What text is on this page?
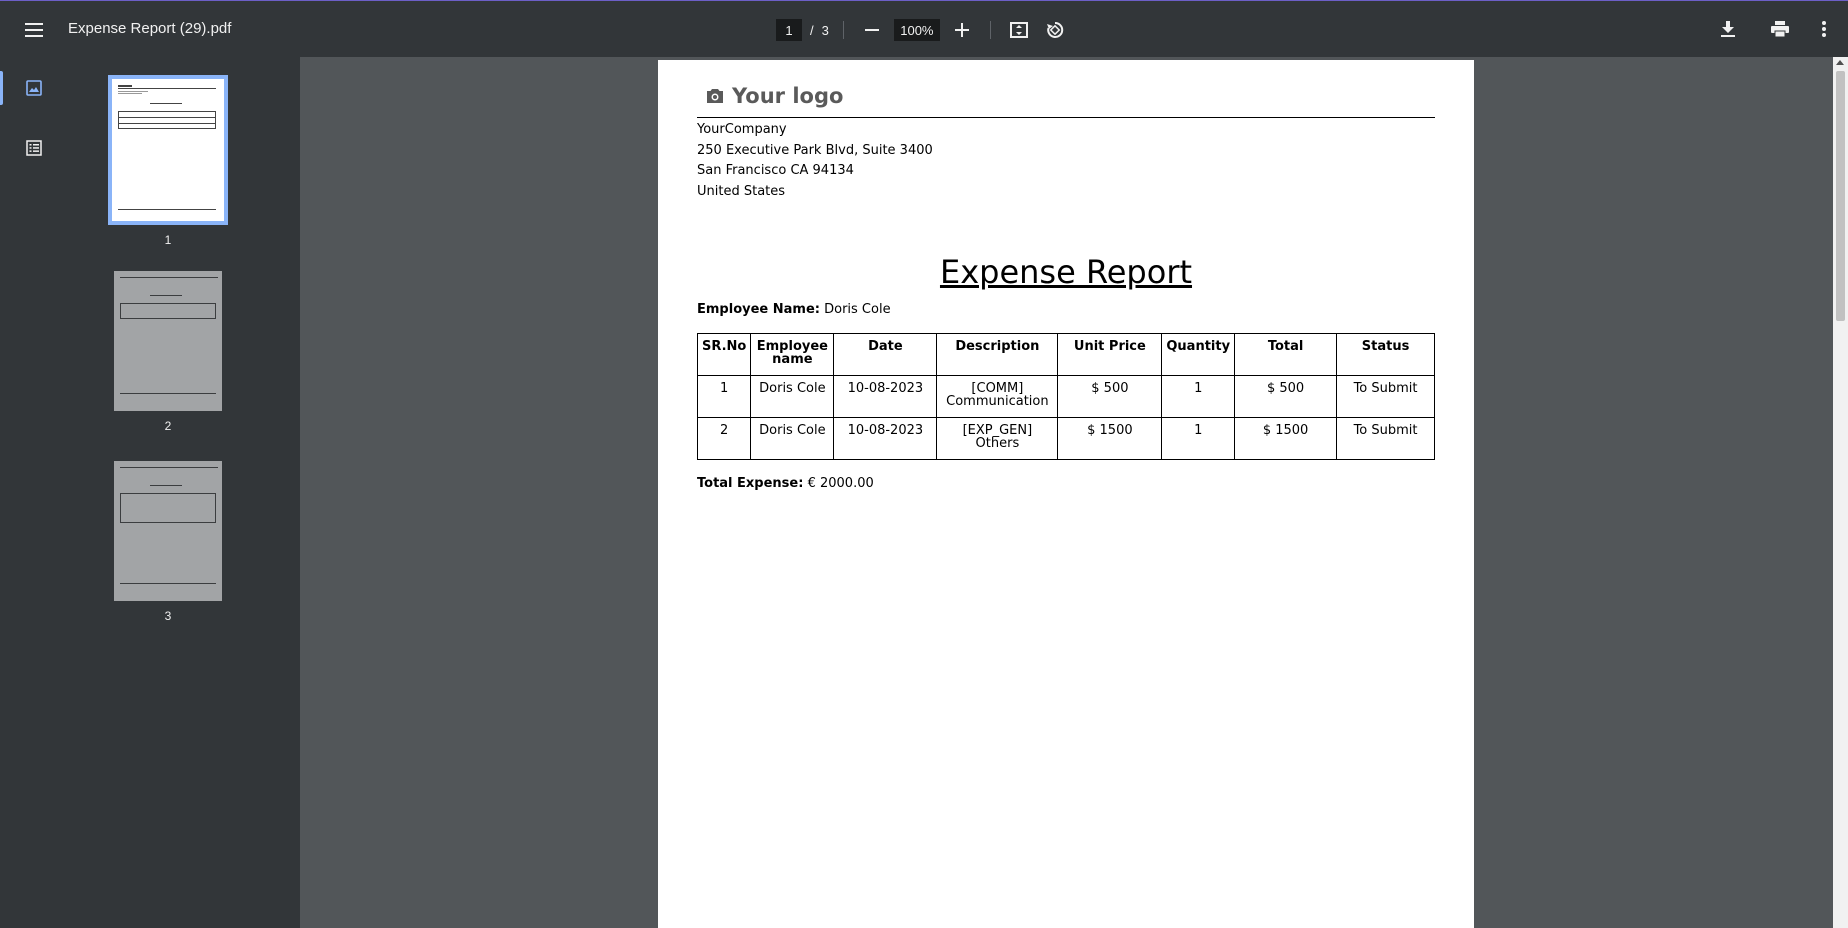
Expense Report (29).pdf	1	/ 3	100%
1
2
3
Your logo
YourCompany
250 Executive Park Blvd, Suite 3400
San Francisco CA 94134
United States
Expense Report
Employee Name: Doris Cole
SR.No	Employee name	Date	Description	Unit Price	Quantity	Total	Status
1	Doris Cole	10-08-2023	[COMM] Communication	$ 500	1	$ 500	To Submit
2	Doris Cole	10-08-2023	[EXP_GEN] Others	$ 1500	1	$ 1500	To Submit
Total Expense: € 2000.00
